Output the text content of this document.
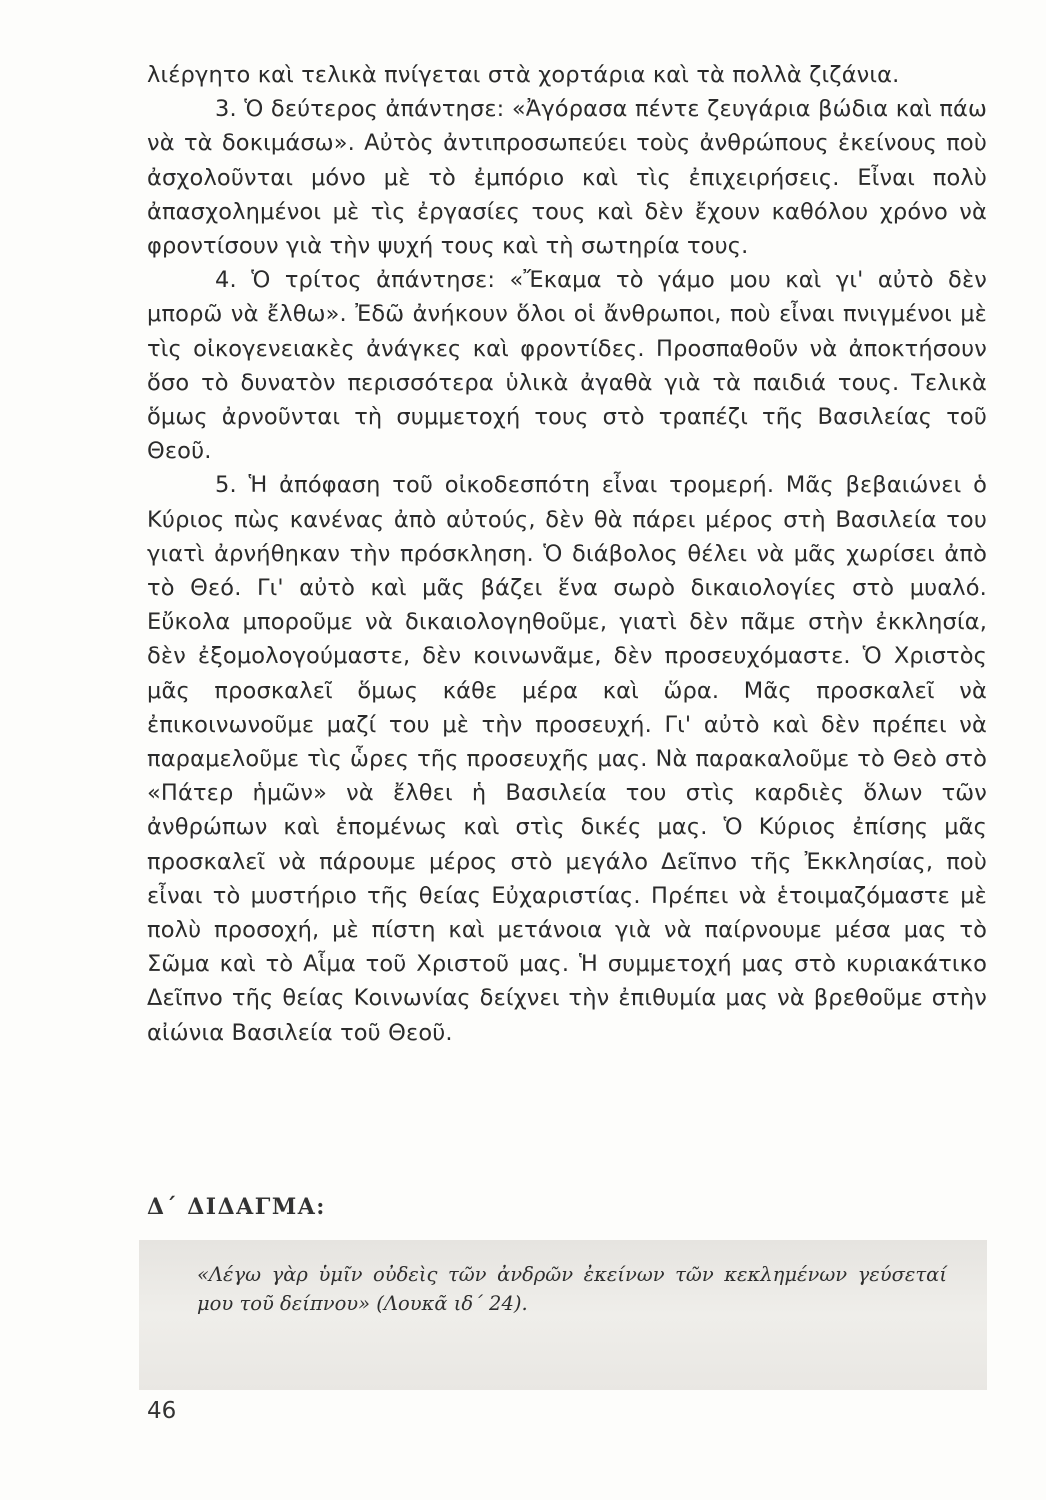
λιέργητο καὶ τελικὰ πνίγεται στὰ χορτάρια καὶ τὰ πολλὰ ζιζάνια.

3. Ὁ δεύτερος ἀπάντησε: «Ἀγόρασα πέντε ζευγάρια βώδια καὶ πάω νὰ τὰ δοκιμάσω». Αὐτὸς ἀντιπροσωπεύει τοὺς ἀνθρώπους ἐκείνους ποὺ ἀσχολοῦνται μόνο μὲ τὸ ἐμπόριο καὶ τὶς ἐπιχειρήσεις. Εἶναι πολὺ ἀπασχολημένοι μὲ τὶς ἐργασίες τους καὶ δὲν ἔχουν καθόλου χρόνο νὰ φροντίσουν γιὰ τὴν ψυχή τους καὶ τὴ σωτηρία τους.

4. Ὁ τρίτος ἀπάντησε: «Ἔκαμα τὸ γάμο μου καὶ γι' αὐτὸ δὲν μπορῶ νὰ ἔλθω». Ἐδῶ ἀνήκουν ὅλοι οἱ ἄνθρωποι, ποὺ εἶναι πνιγμένοι μὲ τὶς οἰκογενειακὲς ἀνάγκες καὶ φροντίδες. Προσπαθοῦν νὰ ἀποκτήσουν ὅσο τὸ δυνατὸν περισσότερα ὑλικὰ ἀγαθὰ γιὰ τὰ παιδιά τους. Τελικὰ ὅμως ἀρνοῦνται τὴ συμμετοχή τους στὸ τραπέζι τῆς Βασιλείας τοῦ Θεοῦ.

5. Ἡ ἀπόφαση τοῦ οἰκοδεσπότη εἶναι τρομερή. Μᾶς βεβαιώνει ὁ Κύριος πὼς κανένας ἀπὸ αὐτούς, δὲν θὰ πάρει μέρος στὴ Βασιλεία του γιατὶ ἀρνήθηκαν τὴν πρόσκληση. Ὁ διάβολος θέλει νὰ μᾶς χωρίσει ἀπὸ τὸ Θεό. Γι' αὐτὸ καὶ μᾶς βάζει ἕνα σωρὸ δικαιολογίες στὸ μυαλό. Εὔκολα μποροῦμε νὰ δικαιολογηθοῦμε, γιατὶ δὲν πᾶμε στὴν ἐκκλησία, δὲν ἐξομολογούμαστε, δὲν κοινωνᾶμε, δὲν προσευχόμαστε. Ὁ Χριστὸς μᾶς προσκαλεῖ ὅμως κάθε μέρα καὶ ὥρα. Μᾶς προσκαλεῖ νὰ ἐπικοινωνοῦμε μαζί του μὲ τὴν προσευχή. Γι' αὐτὸ καὶ δὲν πρέπει νὰ παραμελοῦμε τὶς ὧρες τῆς προσευχῆς μας. Νὰ παρακαλοῦμε τὸ Θεὸ στὸ «Πάτερ ἡμῶν» νὰ ἔλθει ἡ Βασιλεία του στὶς καρδιὲς ὅλων τῶν ἀνθρώπων καὶ ἑπομένως καὶ στὶς δικές μας. Ὁ Κύριος ἐπίσης μᾶς προσκαλεῖ νὰ πάρουμε μέρος στὸ μεγάλο Δεῖπνο τῆς Ἐκκλησίας, ποὺ εἶναι τὸ μυστήριο τῆς θείας Εὐχαριστίας. Πρέπει νὰ ἑτοιμαζόμαστε μὲ πολὺ προσοχή, μὲ πίστη καὶ μετάνοια γιὰ νὰ παίρνουμε μέσα μας τὸ Σῶμα καὶ τὸ Αἷμα τοῦ Χριστοῦ μας. Ἡ συμμετοχή μας στὸ κυριακάτικο Δεῖπνο τῆς θείας Κοινωνίας δείχνει τὴν ἐπιθυμία μας νὰ βρεθοῦμε στὴν αἰώνια Βασιλεία τοῦ Θεοῦ.

Δ΄ ΔΙΔΑΓΜΑ:

«Λέγω γὰρ ὑμῖν οὐδεὶς τῶν ἀνδρῶν ἐκείνων τῶν κεκλημένων γεύσεταί μου τοῦ δείπνου» (Λουκᾶ ιδ΄ 24).

46
